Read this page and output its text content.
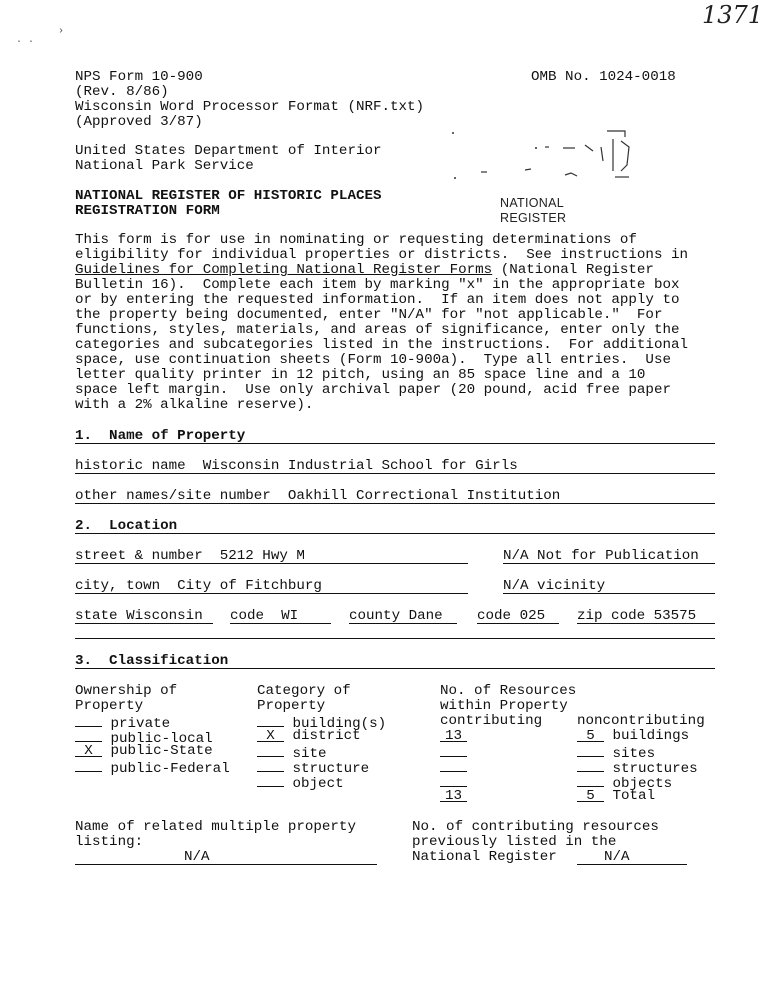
1371
· ·
›
NATIONAL
REGISTER
NPS Form 10-900
(Rev. 8/86)
Wisconsin Word Processor Format (NRF.txt)
(Approved 3/87)
OMB No. 1024-0018
United States Department of Interior
National Park Service
NATIONAL REGISTER OF HISTORIC PLACES
REGISTRATION FORM
This form is for use in nominating or requesting determinations of
eligibility for individual properties or districts.  See instructions in
Guidelines for Completing National Register Forms (National Register
Bulletin 16).  Complete each item by marking "x" in the appropriate box
or by entering the requested information.  If an item does not apply to
the property being documented, enter "N/A" for "not applicable."  For
functions, styles, materials, and areas of significance, enter only the
categories and subcategories listed in the instructions.  For additional
space, use continuation sheets (Form 10-900a).  Type all entries.  Use
letter quality printer in 12 pitch, using an 85 space line and a 10
space left margin.  Use only archival paper (20 pound, acid free paper
with a 2% alkaline reserve).
1.  Name of Property
historic name  Wisconsin Industrial School for Girls
other names/site number  Oakhill Correctional Institution
2.  Location
street & number  5212 Hwy M	N/A Not for Publication
city, town  City of Fitchburg	N/A vicinity
state Wisconsin code  WI	county Dane code 025 zip code 53575
3.  Classification
Ownership of
Property
private
public-local
X public-State
public-Federal
Category of
Property
building(s)
X district
site
structure
object
No. of Resources
within Property
contributing noncontributing
13	5 buildings
sites
structures
objects
13	5 Total
Name of related multiple property
listing:
N/A
No. of contributing resources
previously listed in the
National Register	N/A
